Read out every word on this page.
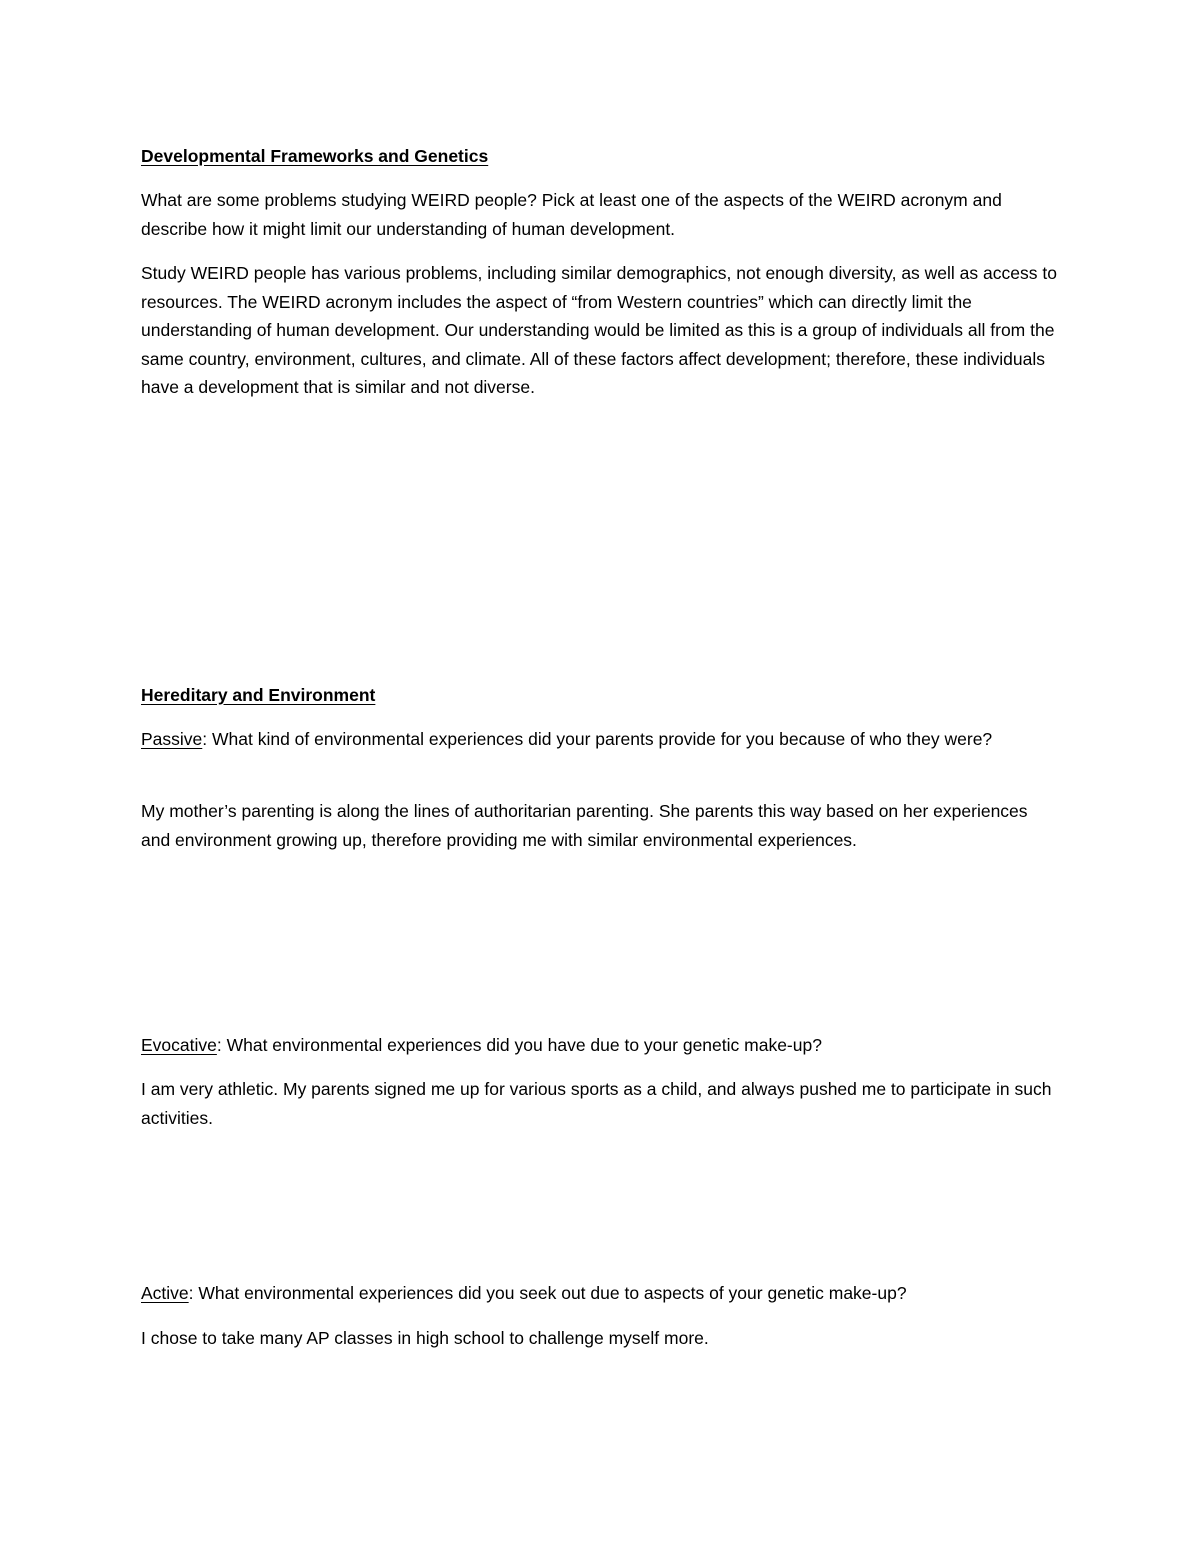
Developmental Frameworks and Genetics

What are some problems studying WEIRD people? Pick at least one of the aspects of the WEIRD acronym and describe how it might limit our understanding of human development.

Study WEIRD people has various problems, including similar demographics, not enough diversity, as well as access to resources. The WEIRD acronym includes the aspect of “from Western countries” which can directly limit the understanding of human development. Our understanding would be limited as this is a group of individuals all from the same country, environment, cultures, and climate. All of these factors affect development; therefore, these individuals have a development that is similar and not diverse.

Hereditary and Environment

Passive: What kind of environmental experiences did your parents provide for you because of who they were?

My mother’s parenting is along the lines of authoritarian parenting. She parents this way based on her experiences and environment growing up, therefore providing me with similar environmental experiences.

Evocative: What environmental experiences did you have due to your genetic make-up?

I am very athletic. My parents signed me up for various sports as a child, and always pushed me to participate in such activities.

Active: What environmental experiences did you seek out due to aspects of your genetic make-up?

I chose to take many AP classes in high school to challenge myself more.
